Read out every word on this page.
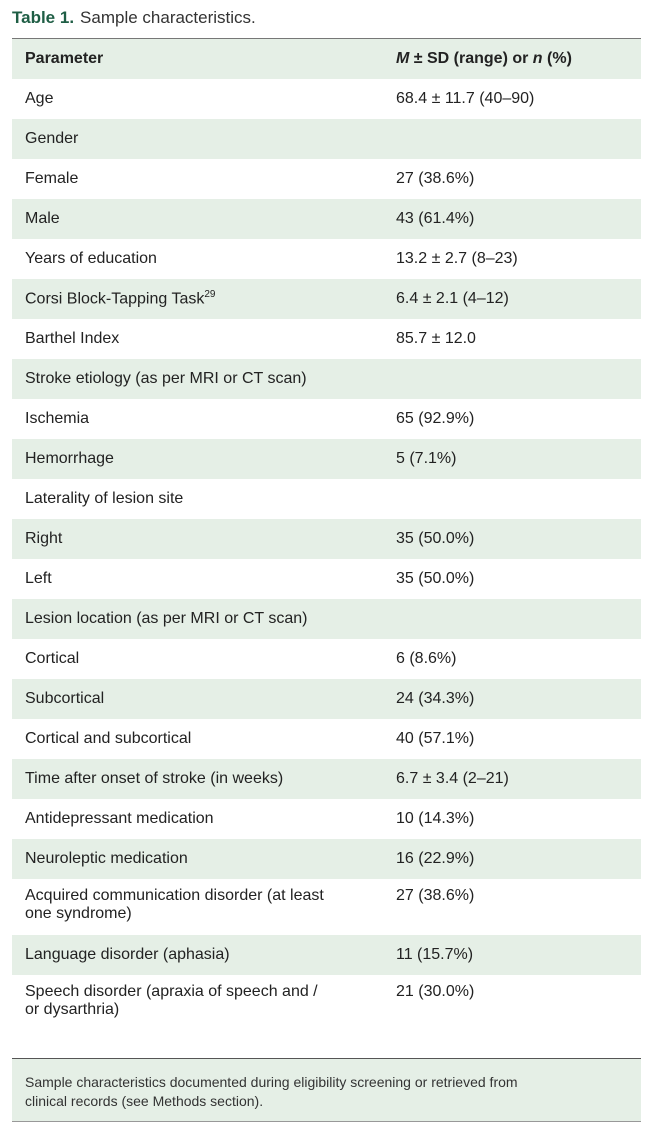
Table 1. Sample characteristics.
Parameter	M ± SD (range) or n (%)
Age	68.4 ± 11.7 (40–90)
Gender	
Female	27 (38.6%)
Male	43 (61.4%)
Years of education	13.2 ± 2.7 (8–23)
Corsi Block-Tapping Task$^{29}$	6.4 ± 2.1 (4–12)
Barthel Index	85.7 ± 12.0
Stroke etiology (as per MRI or CT scan)	
Ischemia	65 (92.9%)
Hemorrhage	5 (7.1%)
Laterality of lesion site	
Right	35 (50.0%)
Left	35 (50.0%)
Lesion location (as per MRI or CT scan)	
Cortical	6 (8.6%)
Subcortical	24 (34.3%)
Cortical and subcortical	40 (57.1%)
Time after onset of stroke (in weeks)	6.7 ± 3.4 (2–21)
Antidepressant medication	10 (14.3%)
Neuroleptic medication	16 (22.9%)
Acquired communication disorder (at least
one syndrome)	27 (38.6%)
Language disorder (aphasia)	11 (15.7%)
Speech disorder (apraxia of speech and /
or dysarthria)	21 (30.0%)
Sample characteristics documented during eligibility screening or retrieved from
clinical records (see Methods section).
